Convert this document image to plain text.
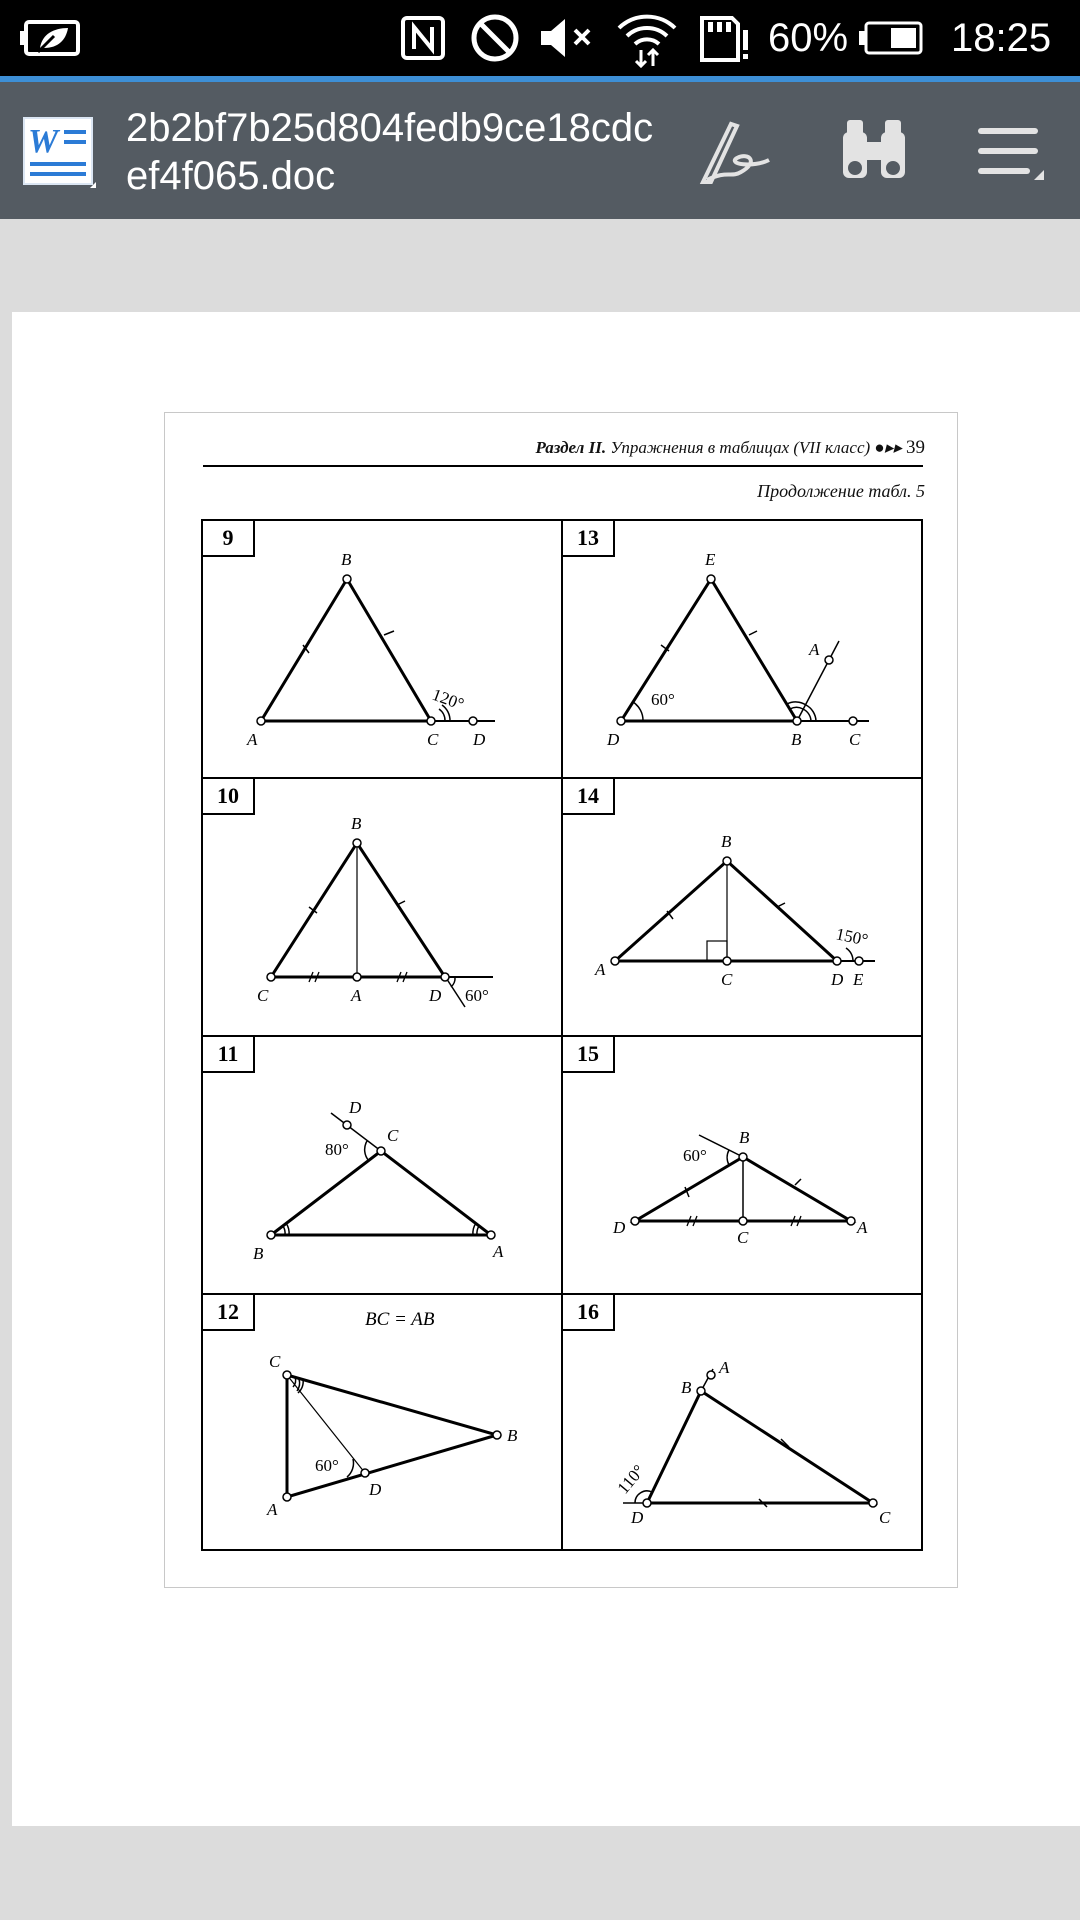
60%	18:25
W 2b2bf7b25d804fedb9ce18cdcef4f065.doc
Раздел II. Упражнения в таблицах (VII класс) ●▸▸ 39
Продолжение табл. 5
9
B
A	C D
120°
13
E
D	B	C
A
60°
10
B
C	A	D 60°
14
B
A
C	D E
150°
11
D
C
B	A
80°
15
B
D
C
A
60°
12	BC = AB
C
B
A
D
60°
16
A
B
D	C
110°
